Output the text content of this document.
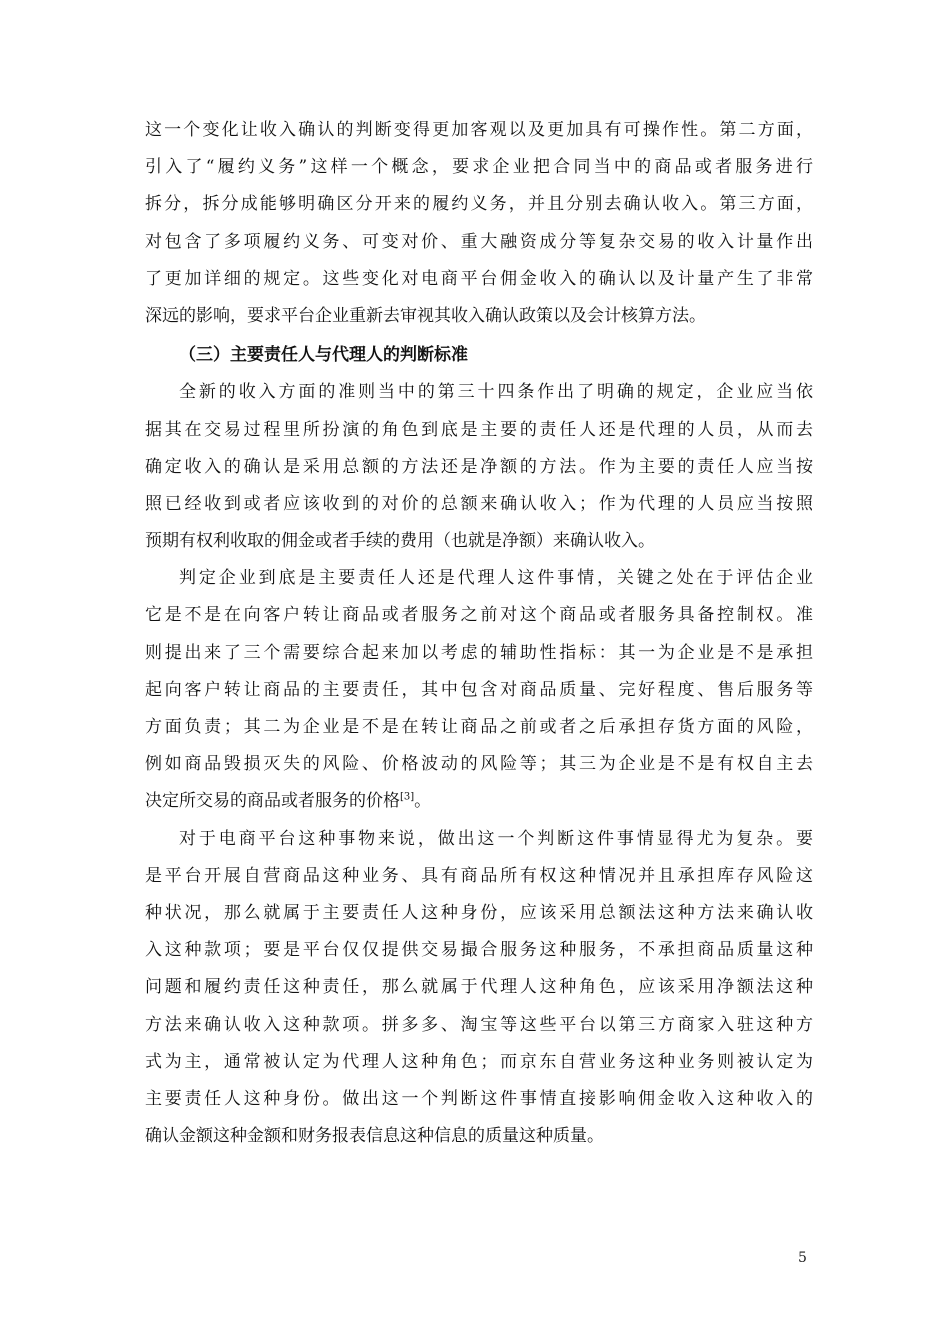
这一个变化让收入确认的判断变得更加客观以及更加具有可操作性。第二方面，
引入了“履约义务”这样一个概念，要求企业把合同当中的商品或者服务进行
拆分，拆分成能够明确区分开来的履约义务，并且分别去确认收入。第三方面，
对包含了多项履约义务、可变对价、重大融资成分等复杂交易的收入计量作出
了更加详细的规定。这些变化对电商平台佣金收入的确认以及计量产生了非常
深远的影响，要求平台企业重新去审视其收入确认政策以及会计核算方法。
（三）主要责任人与代理人的判断标准
全新的收入方面的准则当中的第三十四条作出了明确的规定，企业应当依
据其在交易过程里所扮演的角色到底是主要的责任人还是代理的人员，从而去
确定收入的确认是采用总额的方法还是净额的方法。作为主要的责任人应当按
照已经收到或者应该收到的对价的总额来确认收入；作为代理的人员应当按照
预期有权利收取的佣金或者手续的费用（也就是净额）来确认收入。
判定企业到底是主要责任人还是代理人这件事情，关键之处在于评估企业
它是不是在向客户转让商品或者服务之前对这个商品或者服务具备控制权。准
则提出来了三个需要综合起来加以考虑的辅助性指标：其一为企业是不是承担
起向客户转让商品的主要责任，其中包含对商品质量、完好程度、售后服务等
方面负责；其二为企业是不是在转让商品之前或者之后承担存货方面的风险，
例如商品毁损灭失的风险、价格波动的风险等；其三为企业是不是有权自主去
决定所交易的商品或者服务的价格[3]。
对于电商平台这种事物来说，做出这一个判断这件事情显得尤为复杂。要
是平台开展自营商品这种业务、具有商品所有权这种情况并且承担库存风险这
种状况，那么就属于主要责任人这种身份，应该采用总额法这种方法来确认收
入这种款项；要是平台仅仅提供交易撮合服务这种服务，不承担商品质量这种
问题和履约责任这种责任，那么就属于代理人这种角色，应该采用净额法这种
方法来确认收入这种款项。拼多多、淘宝等这些平台以第三方商家入驻这种方
式为主，通常被认定为代理人这种角色；而京东自营业务这种业务则被认定为
主要责任人这种身份。做出这一个判断这件事情直接影响佣金收入这种收入的
确认金额这种金额和财务报表信息这种信息的质量这种质量。
5
